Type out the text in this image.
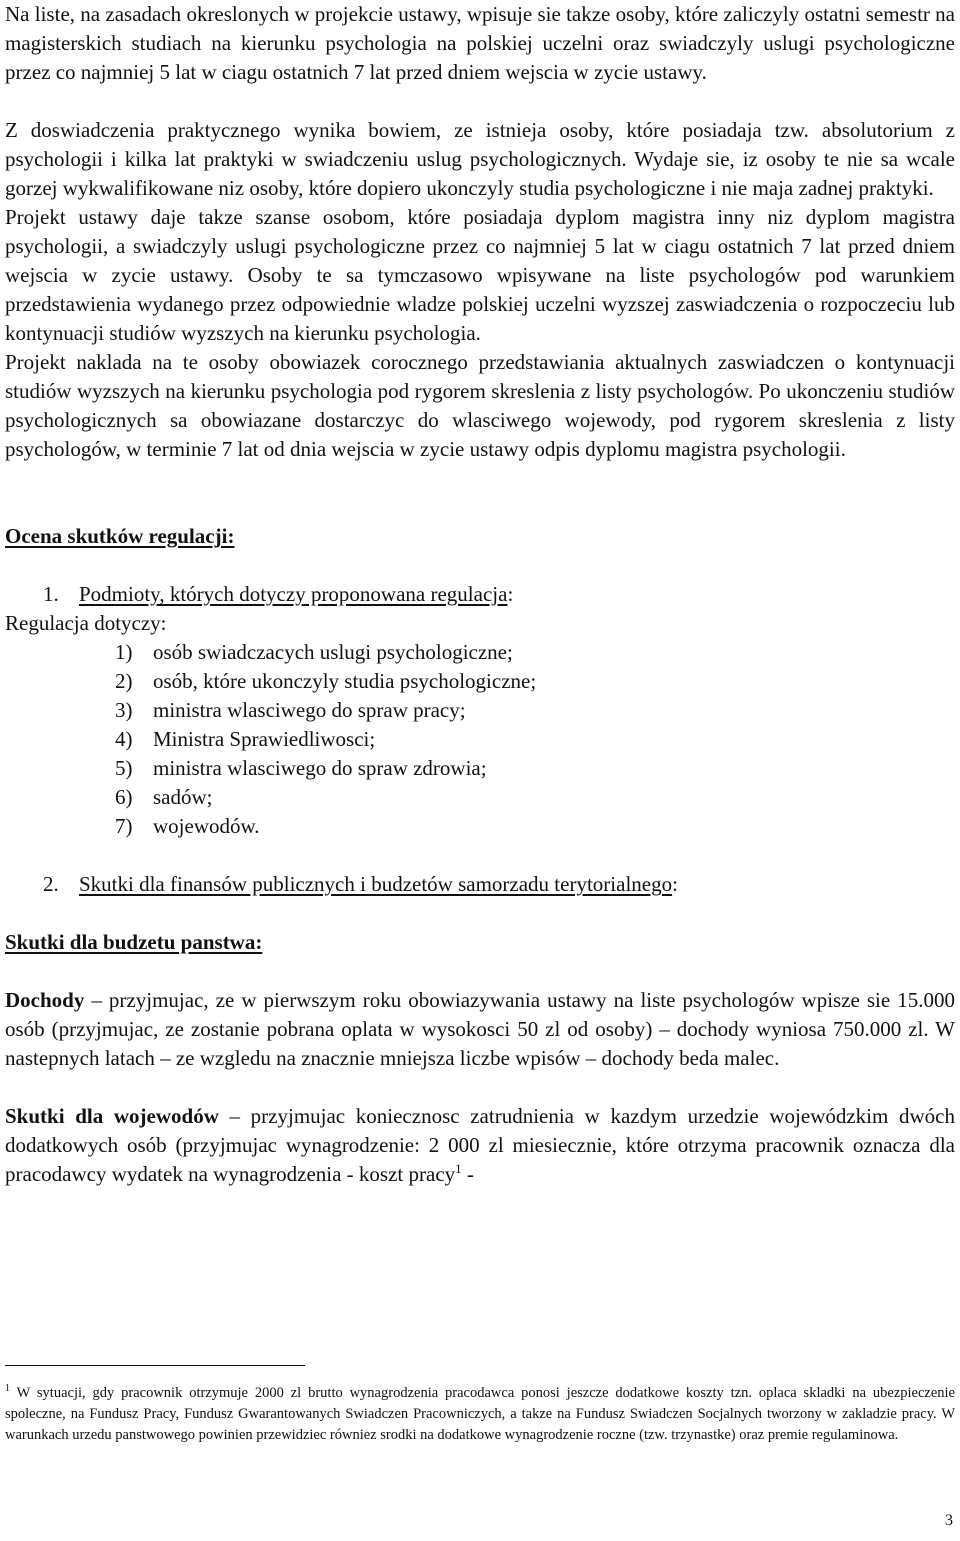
Na liste, na zasadach okreslonych w projekcie ustawy, wpisuje sie takze osoby, które zaliczyly ostatni semestr na magisterskich studiach na kierunku psychologia na polskiej uczelni oraz swiadczyly uslugi psychologiczne przez co najmniej 5 lat w ciagu ostatnich 7 lat przed dniem wejscia w zycie ustawy.

Z doswiadczenia praktycznego wynika bowiem, ze istnieja osoby, które posiadaja tzw. absolutorium z psychologii i kilka lat praktyki w swiadczeniu uslug psychologicznych. Wydaje sie, iz osoby te nie sa wcale gorzej wykwalifikowane niz osoby, które dopiero ukonczyly studia psychologiczne i nie maja zadnej praktyki.

Projekt ustawy daje takze szanse osobom, które posiadaja dyplom magistra inny niz dyplom magistra psychologii, a swiadczyly uslugi psychologiczne przez co najmniej 5 lat w ciagu ostatnich 7 lat przed dniem wejscia w zycie ustawy. Osoby te sa tymczasowo wpisywane na liste psychologów pod warunkiem przedstawienia wydanego przez odpowiednie wladze polskiej uczelni wyzszej zaswiadczenia o rozpoczeciu lub kontynuacji studiów wyzszych na kierunku psychologia.

Projekt naklada na te osoby obowiazek corocznego przedstawiania aktualnych zaswiadczen o kontynuacji studiów wyzszych na kierunku psychologia pod rygorem skreslenia z listy psychologów. Po ukonczeniu studiów psychologicznych sa obowiazane dostarczyc do wlasciwego wojewody, pod rygorem skreslenia z listy psychologów, w terminie 7 lat od dnia wejscia w zycie ustawy odpis dyplomu magistra psychologii.

Ocena skutków regulacji:

1. Podmioty, których dotyczy proponowana regulacja:

Regulacja dotyczy:

1) osób swiadczacych uslugi psychologiczne;
2) osób, które ukonczyly studia psychologiczne;
3) ministra wlasciwego do spraw pracy;
4) Ministra Sprawiedliwosci;
5) ministra wlasciwego do spraw zdrowia;
6) sadów;
7) wojewodów.

2. Skutki dla finansów publicznych i budzetów samorzadu terytorialnego:

Skutki dla budzetu panstwa:

Dochody – przyjmujac, ze w pierwszym roku obowiazywania ustawy na liste psychologów wpisze sie 15.000 osób (przyjmujac, ze zostanie pobrana oplata w wysokosci 50 zl od osoby) – dochody wyniosa 750.000 zl. W nastepnych latach – ze wzgledu na znacznie mniejsza liczbe wpisów – dochody beda malec.

Skutki dla wojewodów – przyjmujac koniecznosc zatrudnienia w kazdym urzedzie wojewódzkim dwóch dodatkowych osób (przyjmujac wynagrodzenie: 2 000 zl miesiecznie, które otrzyma pracownik oznacza dla pracodawcy wydatek na wynagrodzenia - koszt pracy$^1$ -

$^1$ W sytuacji, gdy pracownik otrzymuje 2000 zl brutto wynagrodzenia pracodawca ponosi jeszcze dodatkowe koszty tzn. oplaca skladki na ubezpieczenie spoleczne, na Fundusz Pracy, Fundusz Gwarantowanych Swiadczen Pracowniczych, a takze na Fundusz Swiadczen Socjalnych tworzony w zakladzie pracy. W warunkach urzedu panstwowego powinien przewidziec równiez srodki na dodatkowe wynagrodzenie roczne (tzw. trzynastke) oraz premie regulaminowa.
3
